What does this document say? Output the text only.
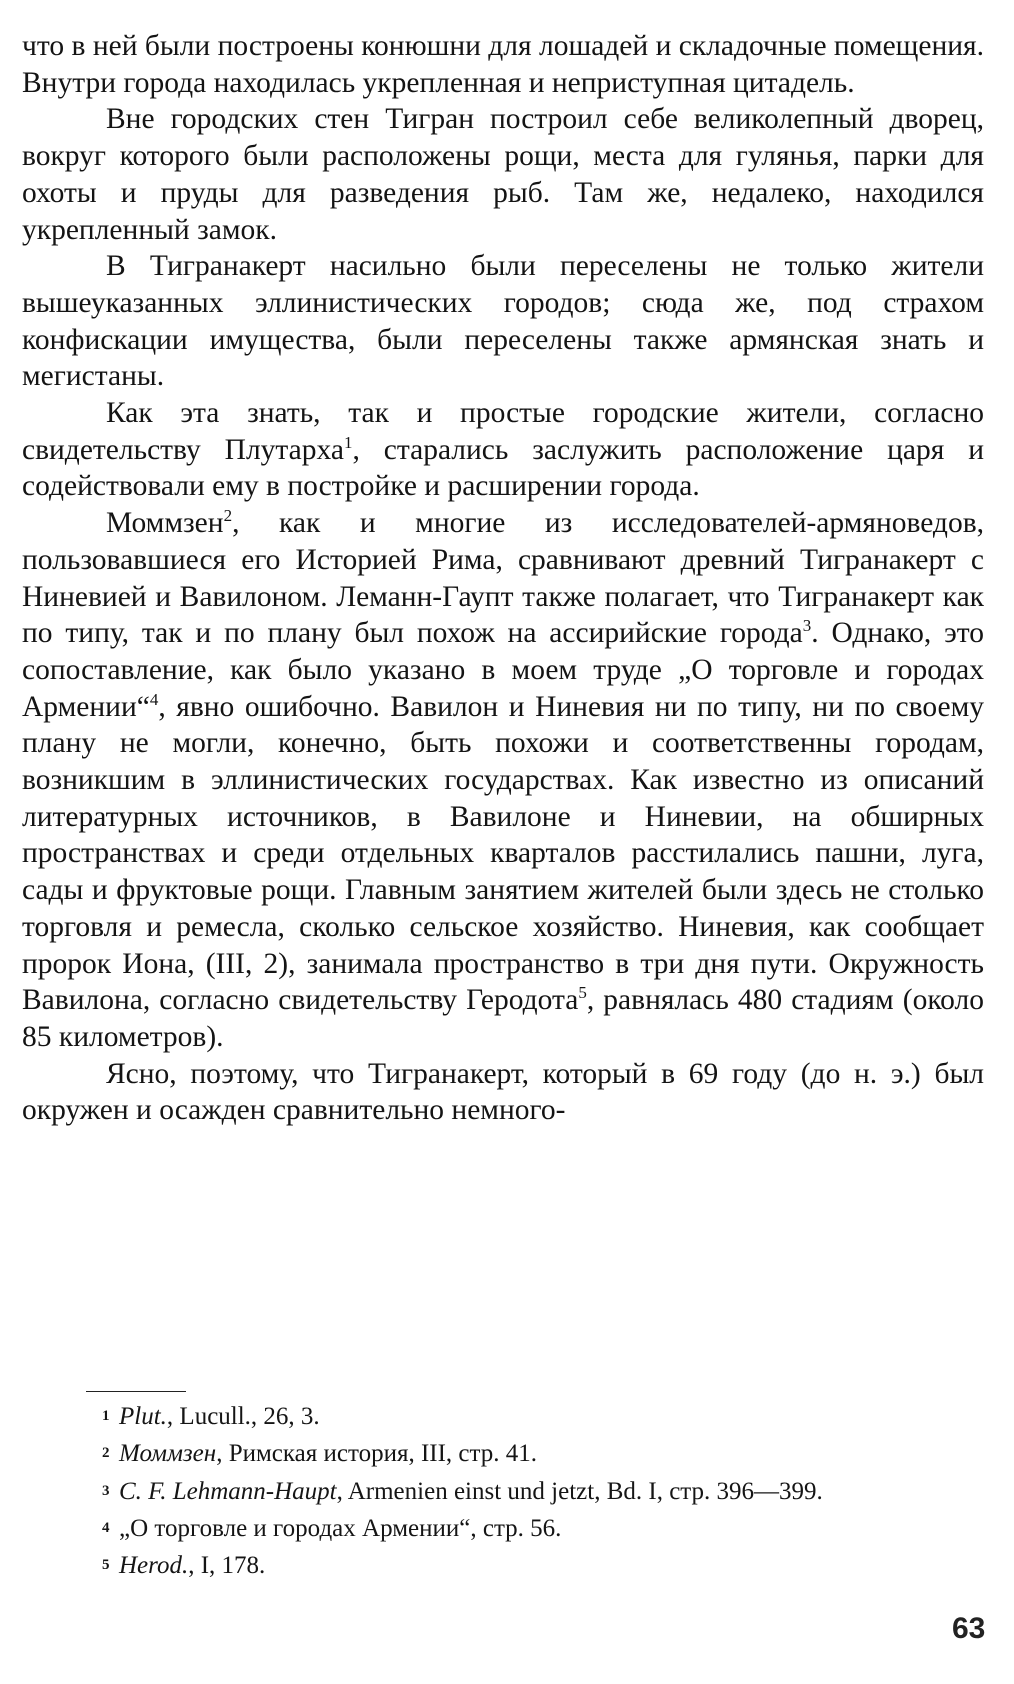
что в ней были построены конюшни для лошадей и складочные помещения. Внутри города находилась укрепленная и неприступная цитадель.

Вне городских стен Тигран построил себе великолепный дворец, вокруг которого были расположены рощи, места для гулянья, парки для охоты и пруды для разведения рыб. Там же, недалеко, находился укрепленный замок.

В Тигранакерт насильно были переселены не только жители вышеуказанных эллинистических городов; сюда же, под страхом конфискации имущества, были переселены также армянская знать и мегистаны.

Как эта знать, так и простые городские жители, согласно свидетельству Плутарха$^1$, старались заслужить расположение царя и содействовали ему в постройке и расширении города.

Моммзен$^2$, как и многие из исследователей-армяноведов, пользовавшиеся его Историей Рима, сравнивают древний Тигранакерт с Ниневией и Вавилоном. Леманн-Гаупт также полагает, что Тигранакерт как по типу, так и по плану был похож на ассирийские города$^3$. Однако, это сопоставление, как было указано в моем труде „О торговле и городах Армении“$^4$, явно ошибочно. Вавилон и Ниневия ни по типу, ни по своему плану не могли, конечно, быть похожи и соответственны городам, возникшим в эллинистических государствах. Как известно из описаний литературных источников, в Вавилоне и Ниневии, на обширных пространствах и среди отдельных кварталов расстилались пашни, луга, сады и фруктовые рощи. Главным занятием жителей были здесь не столько торговля и ремесла, сколько сельское хозяйство. Ниневия, как сообщает пророк Иона, (III, 2), занимала пространство в три дня пути. Окружность Вавилона, согласно свидетельству Геродота$^5$, равнялась 480 стадиям (около 85 километров).

Ясно, поэтому, что Тигранакерт, который в 69 году (до н. э.) был окружен и осажден сравнительно немного-

1 Plut., Lucull., 26, 3.
2 Моммзен, Римская история, III, стр. 41.
3 C. F. Lehmann-Haupt, Armenien einst und jetzt, Bd. I, стр. 396—399.
4 „О торговле и городах Армении“, стр. 56.
5 Herod., I, 178.
63
